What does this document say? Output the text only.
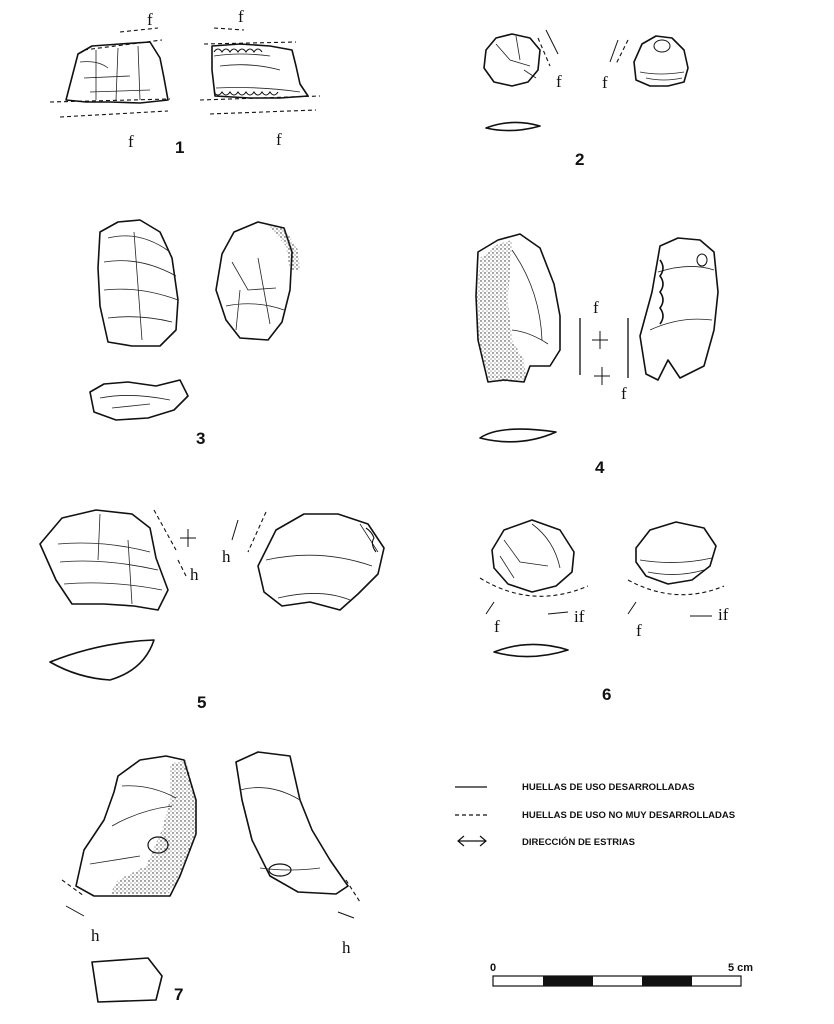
f	f
f	f
1
f f
2
3
f
f
4
h
h
5
f
if
f
if
6
h
h
7
HUELLAS DE USO DESARROLLADAS
HUELLAS DE USO NO MUY DESARROLLADAS
DIRECCIÓN DE ESTRIAS
0	5 cm
